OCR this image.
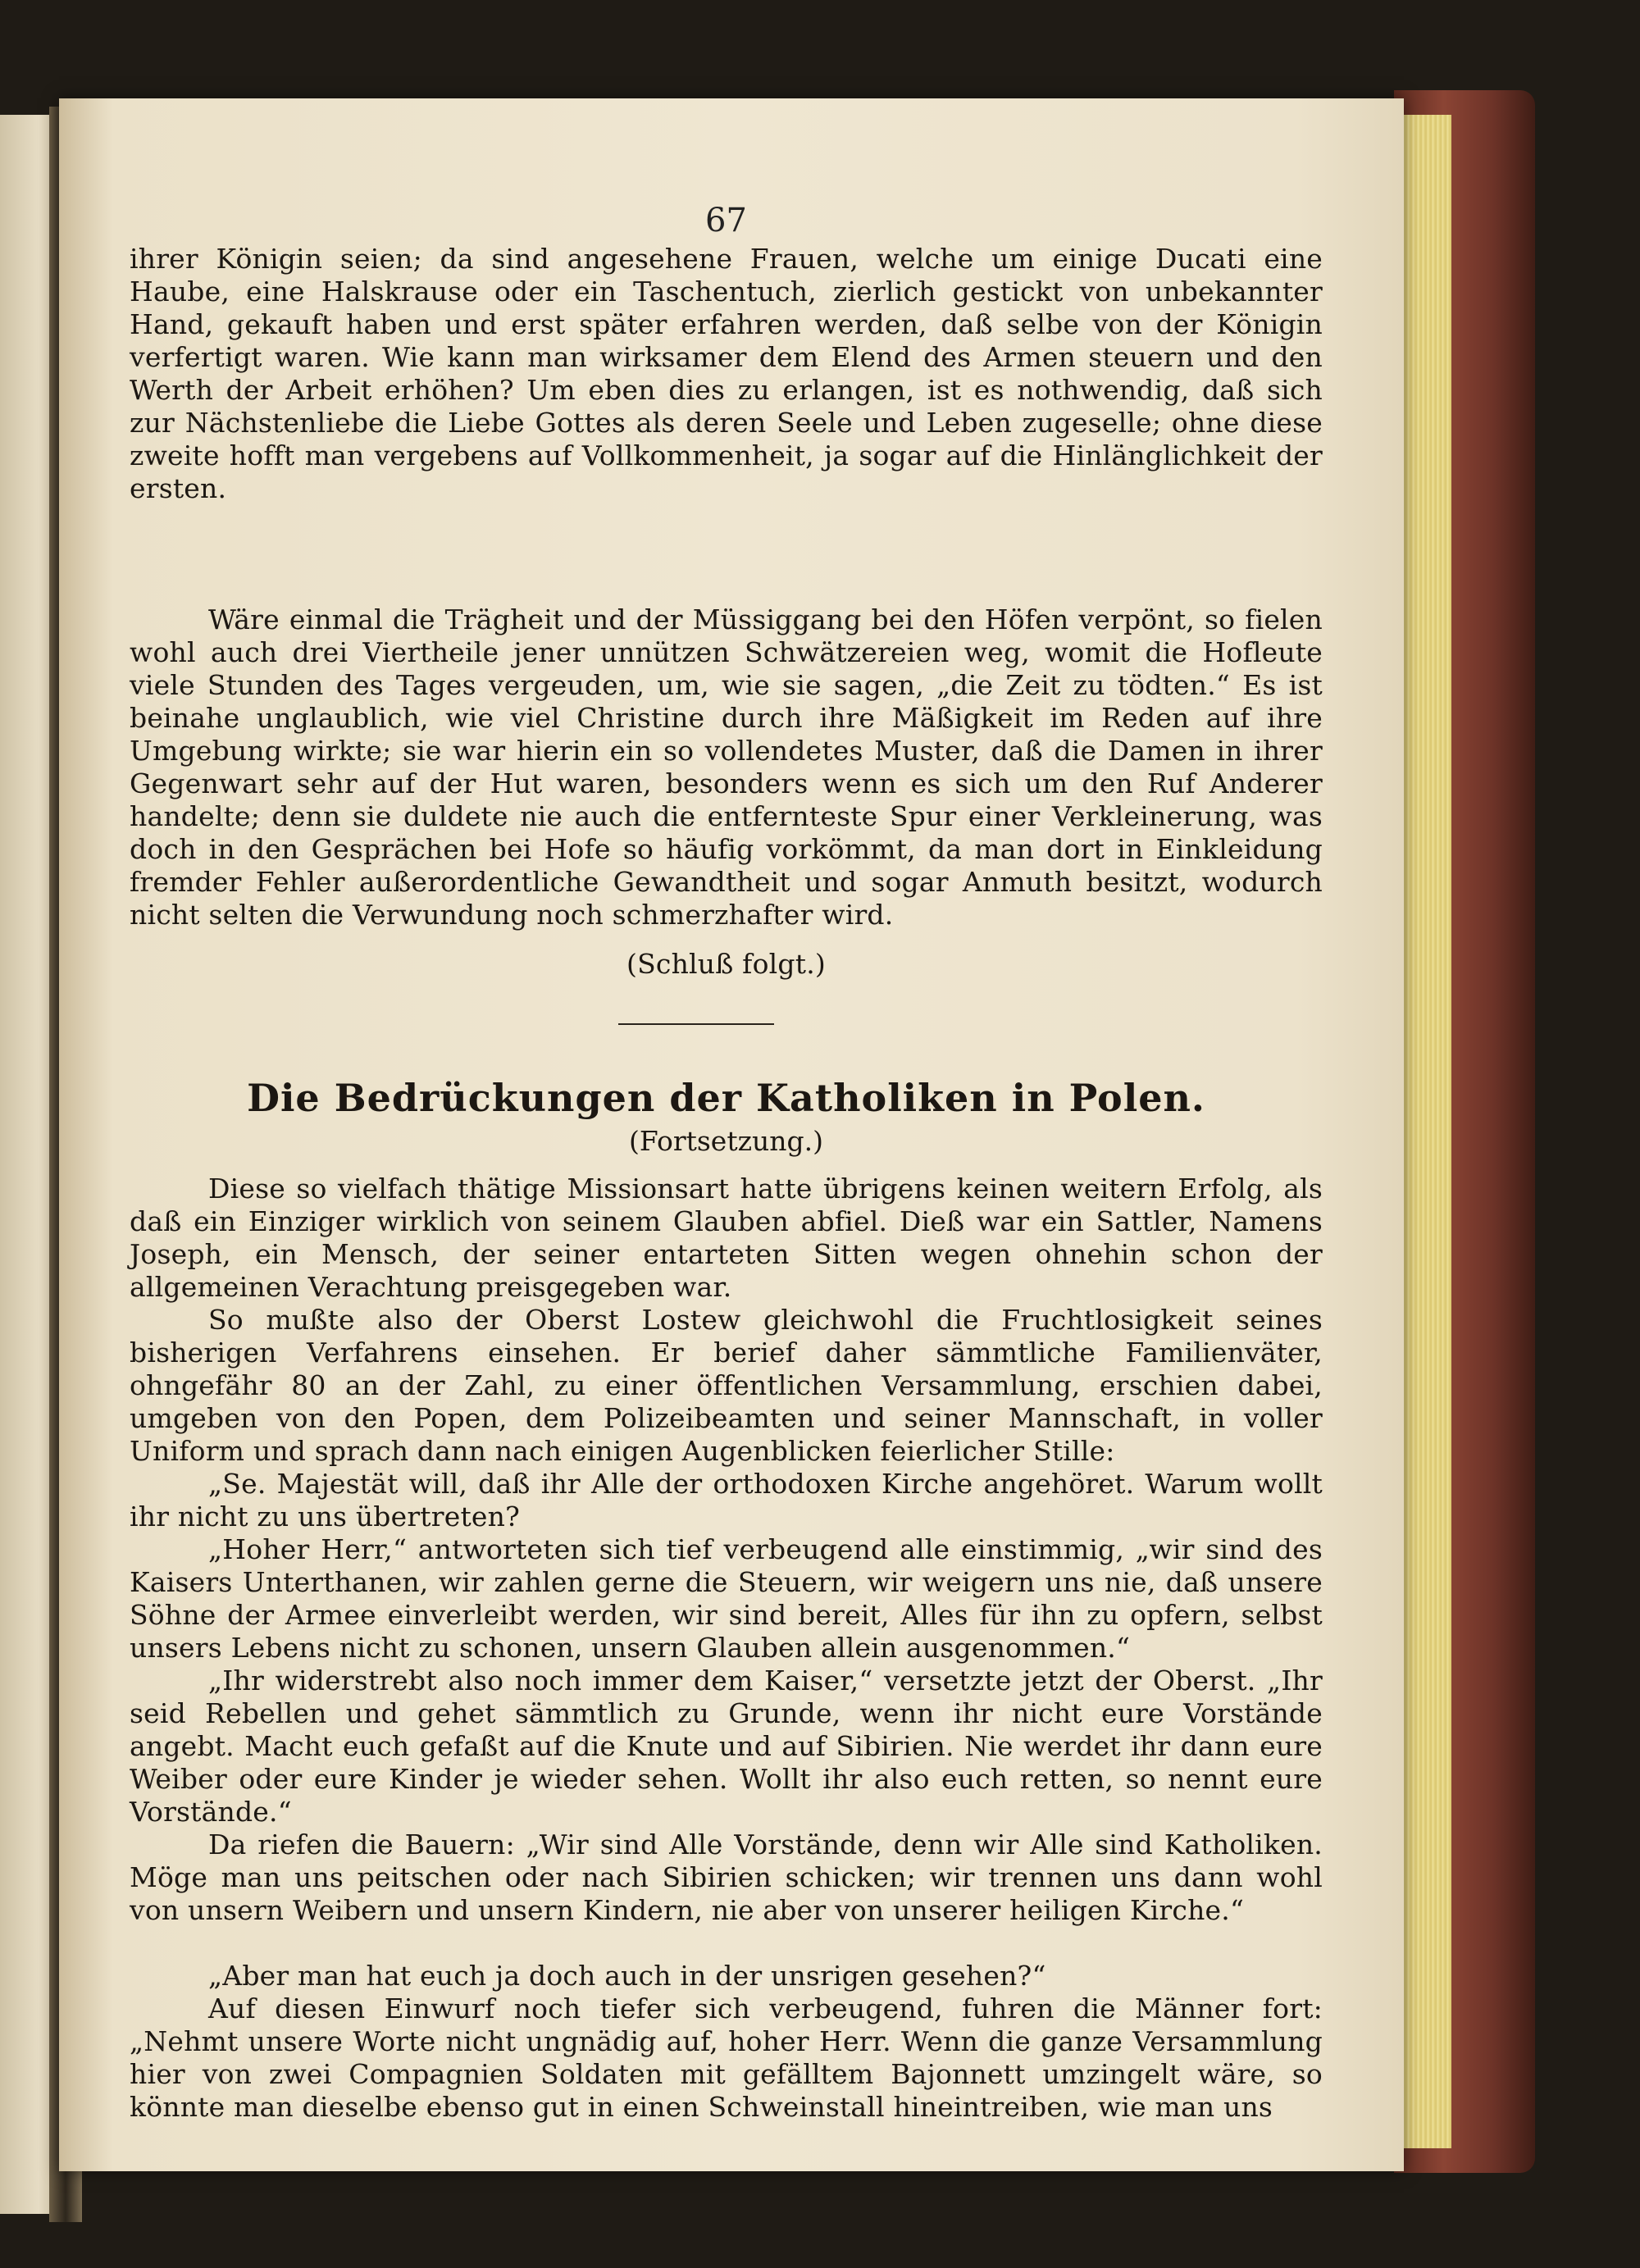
67

ihrer Königin seien; da sind angesehene Frauen, welche um einige Ducati eine Haube, eine Halskrause oder ein Taschentuch, zierlich gestickt von unbekannter Hand, gekauft haben und erst später erfahren werden, daß selbe von der Königin verfertigt waren. Wie kann man wirksamer dem Elend des Armen steuern und den Werth der Arbeit erhöhen? Um eben dies zu erlangen, ist es nothwendig, daß sich zur Nächstenliebe die Liebe Gottes als deren Seele und Leben zugeselle; ohne diese zweite hofft man vergebens auf Vollkommenheit, ja sogar auf die Hinlänglichkeit der ersten.

Wäre einmal die Trägheit und der Müssiggang bei den Höfen verpönt, so fielen wohl auch drei Viertheile jener unnützen Schwätzereien weg, womit die Hofleute viele Stunden des Tages vergeuden, um, wie sie sagen, „die Zeit zu tödten.“ Es ist beinahe unglaublich, wie viel Christine durch ihre Mäßigkeit im Reden auf ihre Umgebung wirkte; sie war hierin ein so vollendetes Muster, daß die Damen in ihrer Gegenwart sehr auf der Hut waren, besonders wenn es sich um den Ruf Anderer handelte; denn sie duldete nie auch die entfernteste Spur einer Verkleinerung, was doch in den Gesprächen bei Hofe so häufig vorkömmt, da man dort in Einkleidung fremder Fehler außerordentliche Gewandtheit und sogar Anmuth besitzt, wodurch nicht selten die Verwundung noch schmerzhafter wird.

(Schluß folgt.)

Die Bedrückungen der Katholiken in Polen.
(Fortsetzung.)

Diese so vielfach thätige Missionsart hatte übrigens keinen weitern Erfolg, als daß ein Einziger wirklich von seinem Glauben abfiel. Dieß war ein Sattler, Namens Joseph, ein Mensch, der seiner entarteten Sitten wegen ohnehin schon der allgemeinen Verachtung preisgegeben war.

So mußte also der Oberst Lostew gleichwohl die Fruchtlosigkeit seines bisherigen Verfahrens einsehen. Er berief daher sämmtliche Familienväter, ohngefähr 80 an der Zahl, zu einer öffentlichen Versammlung, erschien dabei, umgeben von den Popen, dem Polizeibeamten und seiner Mannschaft, in voller Uniform und sprach dann nach einigen Augenblicken feierlicher Stille:

„Se. Majestät will, daß ihr Alle der orthodoxen Kirche angehöret. Warum wollt ihr nicht zu uns übertreten?

„Hoher Herr,“ antworteten sich tief verbeugend alle einstimmig, „wir sind des Kaisers Unterthanen, wir zahlen gerne die Steuern, wir weigern uns nie, daß unsere Söhne der Armee einverleibt werden, wir sind bereit, Alles für ihn zu opfern, selbst unsers Lebens nicht zu schonen, unsern Glauben allein ausgenommen.“

„Ihr widerstrebt also noch immer dem Kaiser,“ versetzte jetzt der Oberst. „Ihr seid Rebellen und gehet sämmtlich zu Grunde, wenn ihr nicht eure Vorstände angebt. Macht euch gefaßt auf die Knute und auf Sibirien. Nie werdet ihr dann eure Weiber oder eure Kinder je wieder sehen. Wollt ihr also euch retten, so nennt eure Vorstände.“

Da riefen die Bauern: „Wir sind Alle Vorstände, denn wir Alle sind Katholiken. Möge man uns peitschen oder nach Sibirien schicken; wir trennen uns dann wohl von unsern Weibern und unsern Kindern, nie aber von unserer heiligen Kirche.“

„Aber man hat euch ja doch auch in der unsrigen gesehen?“

Auf diesen Einwurf noch tiefer sich verbeugend, fuhren die Männer fort: „Nehmt unsere Worte nicht ungnädig auf, hoher Herr. Wenn die ganze Versammlung hier von zwei Compagnien Soldaten mit gefälltem Bajonnett umzingelt wäre, so könnte man dieselbe ebenso gut in einen Schweinstall hineintreiben, wie man uns
